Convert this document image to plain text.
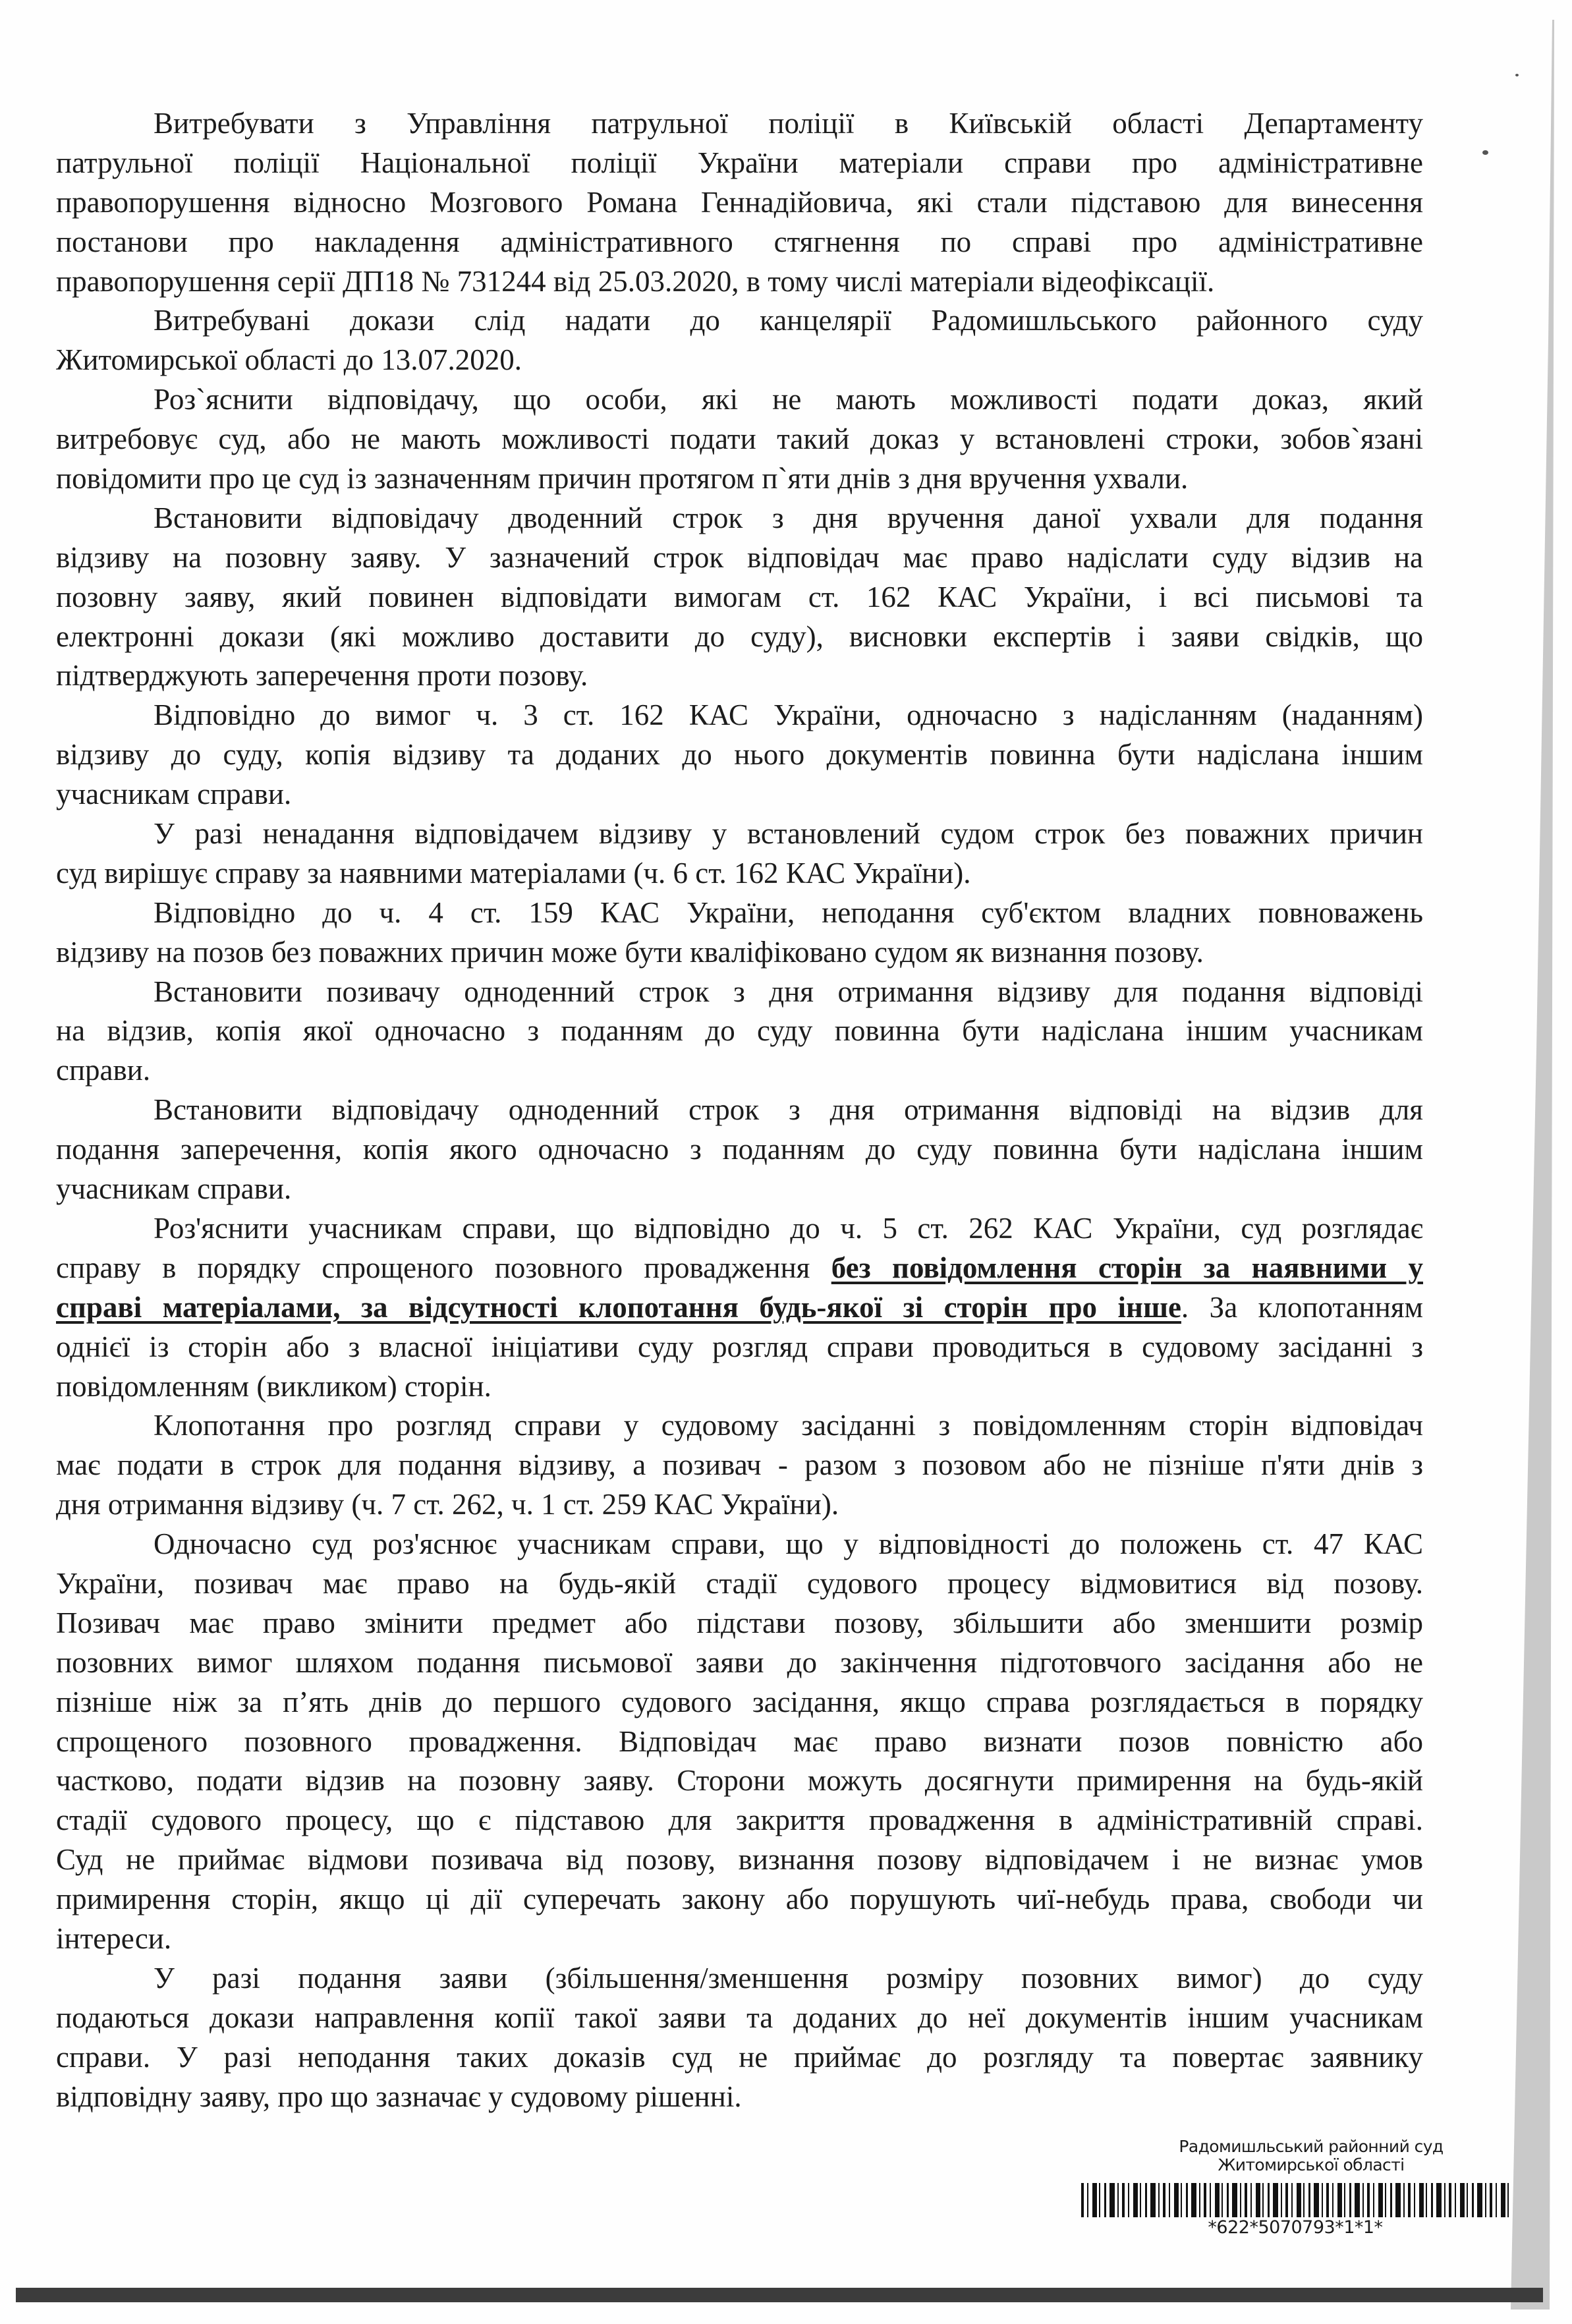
Витребувати з Управління патрульної поліції в Київській області Департаменту
патрульної поліції Національної поліції України матеріали справи про адміністративне
правопорушення відносно Мозгового Романа Геннадійовича, які стали підставою для винесення
постанови про накладення адміністративного стягнення по справі про адміністративне
правопорушення серії ДП18 № 731244 від 25.03.2020, в тому числі матеріали відеофіксації.
Витребувані докази слід надати до канцелярії Радомишльського районного суду
Житомирської області до 13.07.2020.
Роз`яснити відповідачу, що особи, які не мають можливості подати доказ, який
витребовує суд, або не мають можливості подати такий доказ у встановлені строки, зобов`язані
повідомити про це суд із зазначенням причин протягом п`яти днів з дня вручення ухвали.
Встановити відповідачу дводенний строк з дня вручення даної ухвали для подання
відзиву на позовну заяву. У зазначений строк відповідач має право надіслати суду відзив на
позовну заяву, який повинен відповідати вимогам ст. 162 КАС України, і всі письмові та
електронні докази (які можливо доставити до суду), висновки експертів і заяви свідків, що
підтверджують заперечення проти позову.
Відповідно до вимог ч. 3 ст. 162 КАС України, одночасно з надісланням (наданням)
відзиву до суду, копія відзиву та доданих до нього документів повинна бути надіслана іншим
учасникам справи.
У разі ненадання відповідачем відзиву у встановлений судом строк без поважних причин
суд вирішує справу за наявними матеріалами (ч. 6 ст. 162 КАС України).
Відповідно до ч. 4 ст. 159 КАС України, неподання суб'єктом владних повноважень
відзиву на позов без поважних причин може бути кваліфіковано судом як визнання позову.
Встановити позивачу одноденний строк з дня отримання відзиву для подання відповіді
на відзив, копія якої одночасно з поданням до суду повинна бути надіслана іншим учасникам
справи.
Встановити відповідачу одноденний строк з дня отримання відповіді на відзив для
подання заперечення, копія якого одночасно з поданням до суду повинна бути надіслана іншим
учасникам справи.
Роз'яснити учасникам справи, що відповідно до ч. 5 ст. 262 КАС України, суд розглядає
справу в порядку спрощеного позовного провадження без повідомлення сторін за наявними у
справі матеріалами, за відсутності клопотання будь-якої зі сторін про інше. За клопотанням
однієї із сторін або з власної ініціативи суду розгляд справи проводиться в судовому засіданні з
повідомленням (викликом) сторін.
Клопотання про розгляд справи у судовому засіданні з повідомленням сторін відповідач
має подати в строк для подання відзиву, а позивач - разом з позовом або не пізніше п'яти днів з
дня отримання відзиву (ч. 7 ст. 262, ч. 1 ст. 259 КАС України).
Одночасно суд роз'яснює учасникам справи, що у відповідності до положень ст. 47 КАС
України, позивач має право на будь-якій стадії судового процесу відмовитися від позову.
Позивач має право змінити предмет або підстави позову, збільшити або зменшити розмір
позовних вимог шляхом подання письмової заяви до закінчення підготовчого засідання або не
пізніше ніж за п’ять днів до першого судового засідання, якщо справа розглядається в порядку
спрощеного позовного провадження. Відповідач має право визнати позов повністю або
частково, подати відзив на позовну заяву. Сторони можуть досягнути примирення на будь-якій
стадії судового процесу, що є підставою для закриття провадження в адміністративній справі.
Суд не приймає відмови позивача від позову, визнання позову відповідачем і не визнає умов
примирення сторін, якщо ці дії суперечать закону або порушують чиї-небудь права, свободи чи
інтереси.
У разі подання заяви (збільшення/зменшення розміру позовних вимог) до суду
подаються докази направлення копії такої заяви та доданих до неї документів іншим учасникам
справи. У разі неподання таких доказів суд не приймає до розгляду та повертає заявнику
відповідну заяву, про що зазначає у судовому рішенні.
Радомишльський районний суд
Житомирської області
*622*5070793*1*1*
